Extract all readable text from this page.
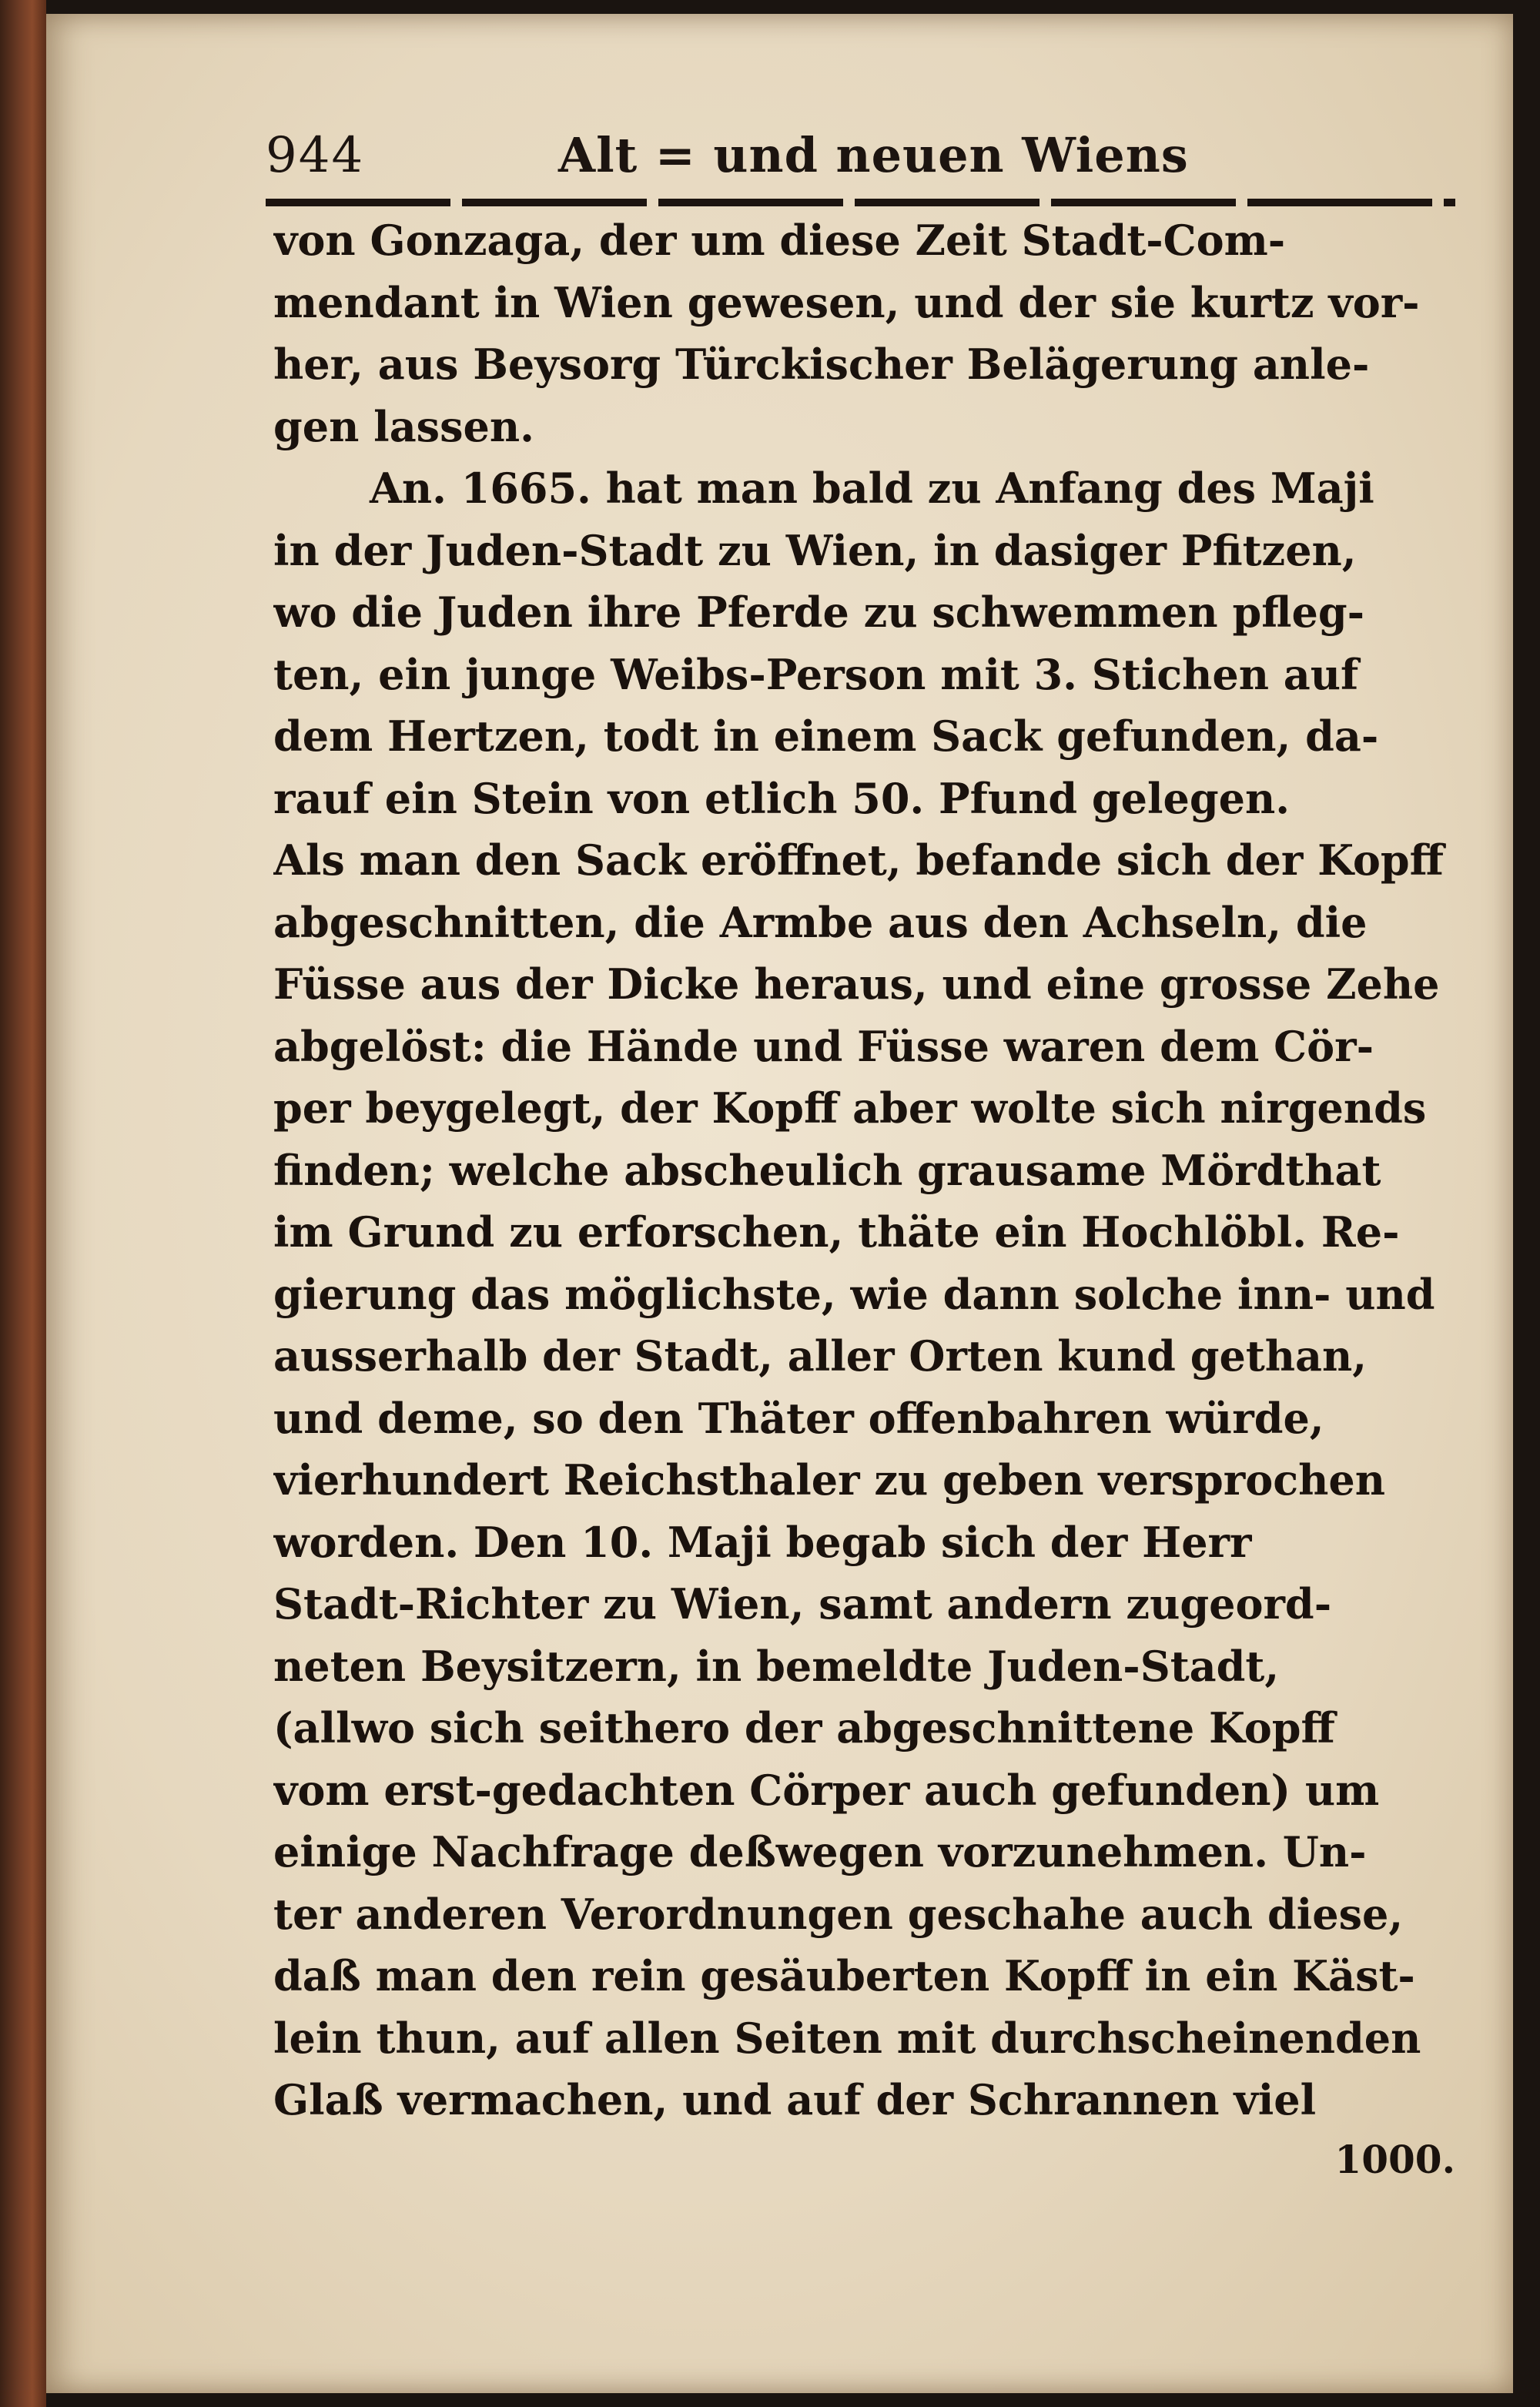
944	Alt = und neuen Wiens
von Gonzaga, der um diese Zeit Stadt-Com-
mendant in Wien gewesen, und der sie kurtz vor-
her, aus Beysorg Türckischer Belägerung anle-
gen lassen.
An. 1665. hat man bald zu Anfang des Maji
in der Juden-Stadt zu Wien, in dasiger Pfitzen,
wo die Juden ihre Pferde zu schwemmen pfleg-
ten, ein junge Weibs-Person mit 3. Stichen auf
dem Hertzen, todt in einem Sack gefunden, da-
rauf ein Stein von etlich 50. Pfund gelegen.
Als man den Sack eröffnet, befande sich der Kopff
abgeschnitten, die Armbe aus den Achseln, die
Füsse aus der Dicke heraus, und eine grosse Zehe
abgelöst: die Hände und Füsse waren dem Cör-
per beygelegt, der Kopff aber wolte sich nirgends
finden; welche abscheulich grausame Mördthat
im Grund zu erforschen, thäte ein Hochlöbl. Re-
gierung das möglichste, wie dann solche inn- und
ausserhalb der Stadt, aller Orten kund gethan,
und deme, so den Thäter offenbahren würde,
vierhundert Reichsthaler zu geben versprochen
worden. Den 10. Maji begab sich der Herr
Stadt-Richter zu Wien, samt andern zugeord-
neten Beysitzern, in bemeldte Juden-Stadt,
(allwo sich seithero der abgeschnittene Kopff
vom erst-gedachten Cörper auch gefunden) um
einige Nachfrage deßwegen vorzunehmen. Un-
ter anderen Verordnungen geschahe auch diese,
daß man den rein gesäuberten Kopff in ein Käst-
lein thun, auf allen Seiten mit durchscheinenden
Glaß vermachen, und auf der Schrannen viel
1000.
